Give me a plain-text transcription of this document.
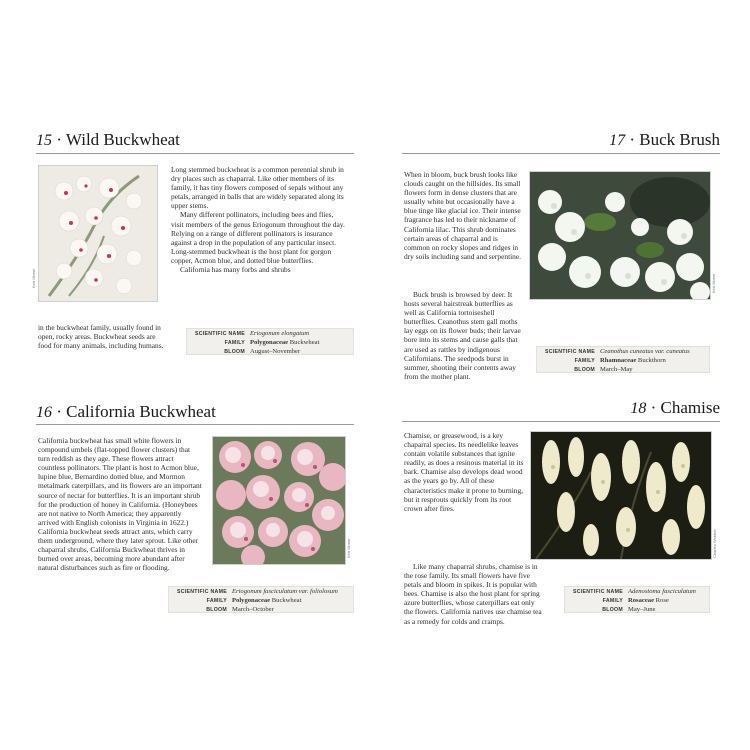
15 · Wild Buckwheat
Keir Morse

Long stemmed buckwheat is a common perennial shrub in dry places such as chaparral. Like other members of its family, it has tiny flowers composed of sepals without any petals, arranged in balls that are widely separated along its upper stems.

Many different pollinators, including bees and flies, visit members of the genus Eriogonum throughout the day. Relying on a range of different pollinators is insurance against a drop in the population of any particular insect. Long-stemmed buckwheat is the host plant for gorgon copper, Acmon blue, and dotted blue butterflies.

California has many forbs and shrubs

in the buckwheat family, usually found in open, rocky areas. Buckwheat seeds are food for many animals, including humans.

SCIENTIFIC NAME Eriogonum elongatum
FAMILY Polygonaceae Buckwheat
BLOOM August–November
16 · California Buckwheat

California buckwheat has small white flowers in compound umbels (flat-topped flower clusters) that turn reddish as they age. These flowers attract countless pollinators. The plant is host to Acmon blue, lupine blue, Bernardino dotted blue, and Mormon metalmark caterpillars, and its flowers are an important source of nectar for butterflies. It is an important shrub for the production of honey in California. (Honeybees are not native to North America; they apparently arrived with English colonists in Virginia in 1622.) California buckwheat seeds attract ants, which carry them underground, where they later sprout. Like other chaparral shrubs, California Buckwheat thrives in burned over areas, becoming more abundant after natural disturbances such as fire or flooding.

Keir Morse
SCIENTIFIC NAME Eriogonum fasciculatum var. foliolosum
FAMILY Polygonaceae Buckwheat
BLOOM March–October
17 · Buck Brush

When in bloom, buck brush looks like clouds caught on the hillsides. Its small flowers form in dense clusters that are usually white but occasionally have a blue tinge like glacial ice. Their intense fragrance has led to their nickname of California lilac. This shrub dominates certain areas of chaparral and is common on rocky slopes and ridges in dry soils including sand and serpentine.

Keir Morse

Buck brush is browsed by deer. It hosts several hairstreak butterflies as well as California tortoiseshell butterflies. Ceanothus stem gall moths lay eggs on its flower buds; their larvae bore into its stems and cause galls that are used as rattles by indigenous Californians. The seedpods burst in summer, shooting their contents away from the mother plant.

SCIENTIFIC NAME Ceanothus cuneatus var. cuneatus
FAMILY Rhamnaceae Buckthorn
BLOOM March–May
18 · Chamise

Chamise, or greasewood, is a key chaparral species. Its needlelike leaves contain volatile substances that ignite readily, as does a resinous material in its bark. Chamise also develops dead wood as the years go by. All of these characteristics make it prone to burning, but it resprouts quickly from its root crown after fires.

Charles Webber

Like many chaparral shrubs, chamise is in the rose family. Its small flowers have five petals and bloom in spikes. It is popular with bees. Chamise is also the host plant for spring azure butterflies, whose caterpillars eat only the flowers. California natives use chamise tea as a remedy for colds and cramps.

SCIENTIFIC NAME Adenostoma fasciculatum
FAMILY Rosaceae Rose
BLOOM May–June
